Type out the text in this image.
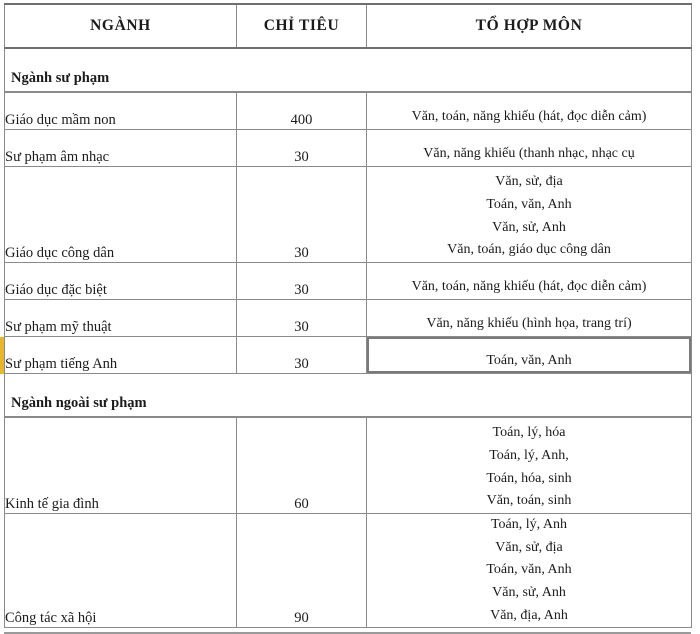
NGÀNH	CHỈ TIÊU	TỔ HỢP MÔN
Ngành sư phạm		
Giáo dục mầm non	400	Văn, toán, năng khiếu (hát, đọc diễn cảm)

Sư phạm âm nhạc	30	Văn, năng khiếu (thanh nhạc, nhạc cụ

Giáo dục công dân	30	Văn, sử, địa
Toán, văn, Anh
Văn, sử, Anh
Văn, toán, giáo dục công dân

Giáo dục đặc biệt	30	Văn, toán, năng khiếu (hát, đọc diễn cảm)

Sư phạm mỹ thuật	30	Văn, năng khiếu (hình họa, trang trí)

Sư phạm tiếng Anh	30	Toán, văn, Anh

Ngành ngoài sư phạm		
Kinh tế gia đình	60	Toán, lý, hóa
Toán, lý, Anh,
Toán, hóa, sinh
Văn, toán, sinh

Công tác xã hội	90	Toán, lý, Anh
Văn, sử, địa
Toán, văn, Anh
Văn, sử, Anh
Văn, địa, Anh
